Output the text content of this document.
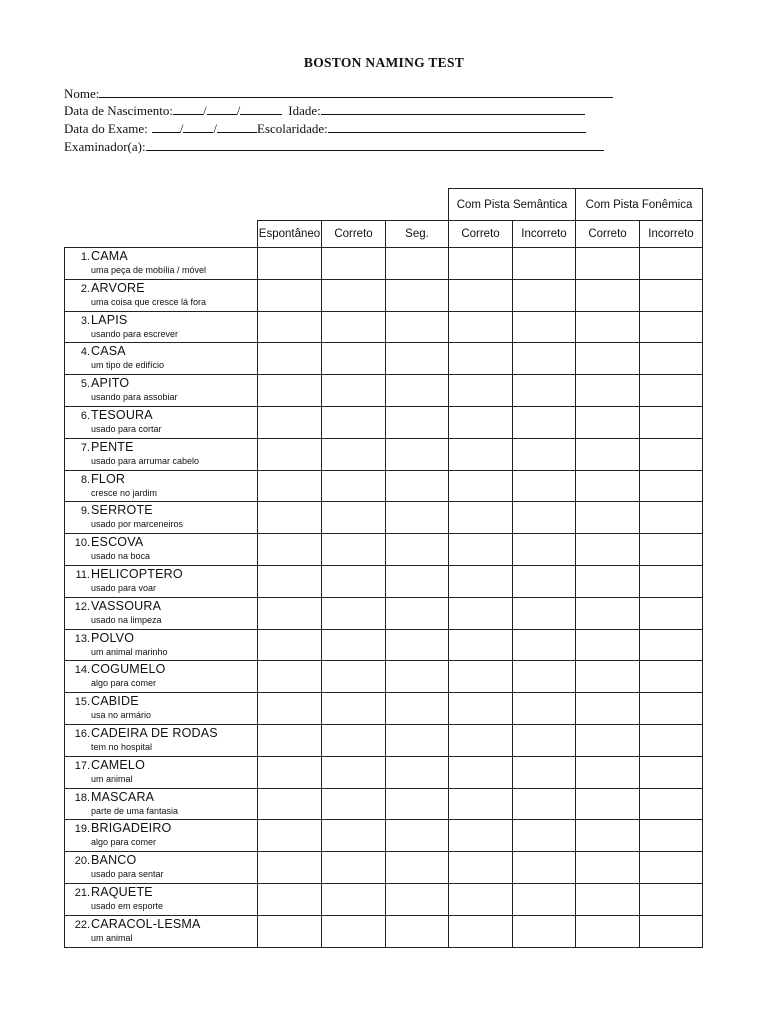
BOSTON NAMING TEST
Nome:
Data de Nascimento: / /	Idade:
Data do Exame: / /	Escolaridade:
Examinador(a):
				Com Pista Semântica		Com Pista Fonêmica	
	Espontâneo	Correto	Seg.	Correto	Incorreto	Correto	Incorreto

1.CAMA
uma peça de mobília / móvel							

2.ARVORE
uma coisa que cresce lá fora							

3.LAPIS
usando para escrever							

4.CASA
um tipo de edifício							

5.APITO
usando para assobiar							

6.TESOURA
usado para cortar							

7.PENTE
usado para arrumar cabelo							

8.FLOR
cresce no jardim							

9.SERROTE
usado por marceneiros							

10.ESCOVA
usado na boca							

11.HELICOPTERO
usado para voar							

12.VASSOURA
usado na limpeza							

13.POLVO
um animal marinho							

14.COGUMELO
algo para comer							

15.CABIDE
usa no armário							

16.CADEIRA DE RODAS
tem no hospital							

17.CAMELO
um animal							

18.MASCARA
parte de uma fantasia							

19.BRIGADEIRO
algo para comer							

20.BANCO
usado para sentar							

21.RAQUETE
usado em esporte							

22.CARACOL-LESMA
um animal							
